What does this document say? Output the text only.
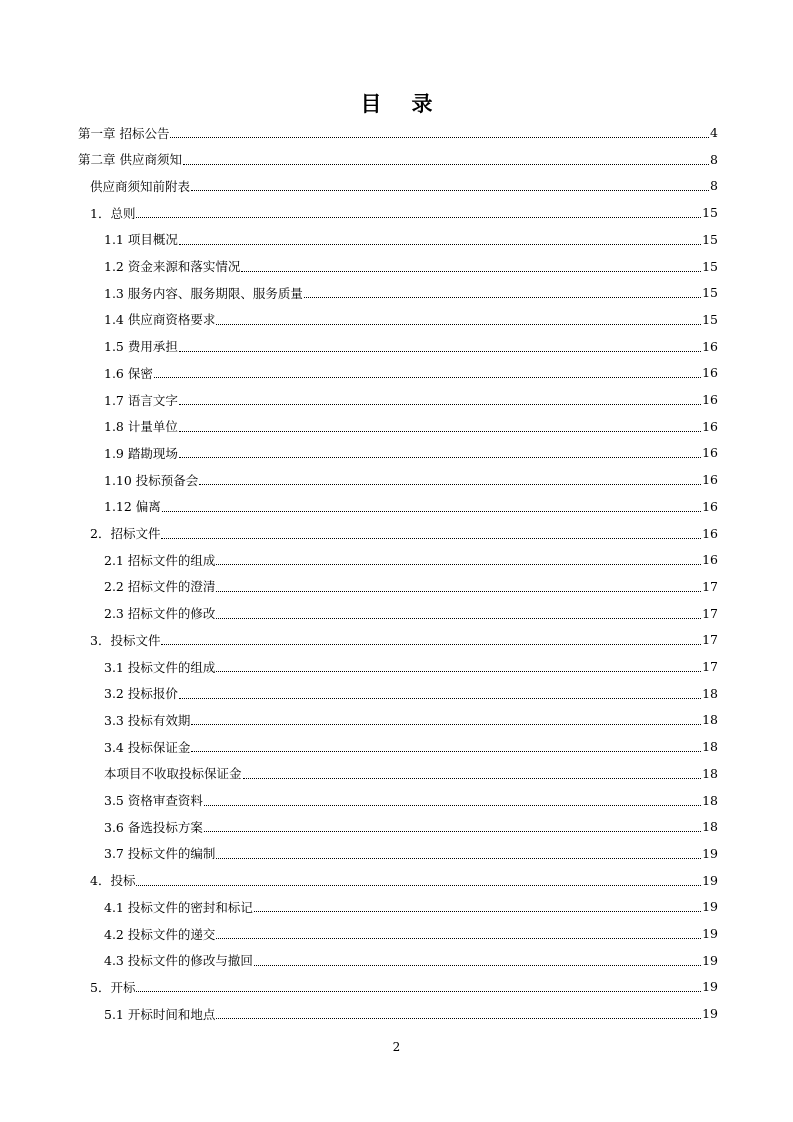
目 录
第一章 招标公告	4
第二章 供应商须知	8
供应商须知前附表	8
1．总则	15
1.1 项目概况	15
1.2 资金来源和落实情况	15
1.3 服务内容、服务期限、服务质量	15
1.4 供应商资格要求	15
1.5 费用承担	16
1.6 保密	16
1.7 语言文字	16
1.8 计量单位	16
1.9 踏勘现场	16
1.10 投标预备会	16
1.12 偏离	16
2．招标文件	16
2.1 招标文件的组成	16
2.2 招标文件的澄清	17
2.3 招标文件的修改	17
3．投标文件	17
3.1 投标文件的组成	17
3.2 投标报价	18
3.3 投标有效期	18
3.4 投标保证金	18
本项目不收取投标保证金	18
3.5 资格审查资料	18
3.6 备选投标方案	18
3.7 投标文件的编制	19
4．投标	19
4.1 投标文件的密封和标记	19
4.2 投标文件的递交	19
4.3 投标文件的修改与撤回	19
5．开标	19
5.1 开标时间和地点	19
2
